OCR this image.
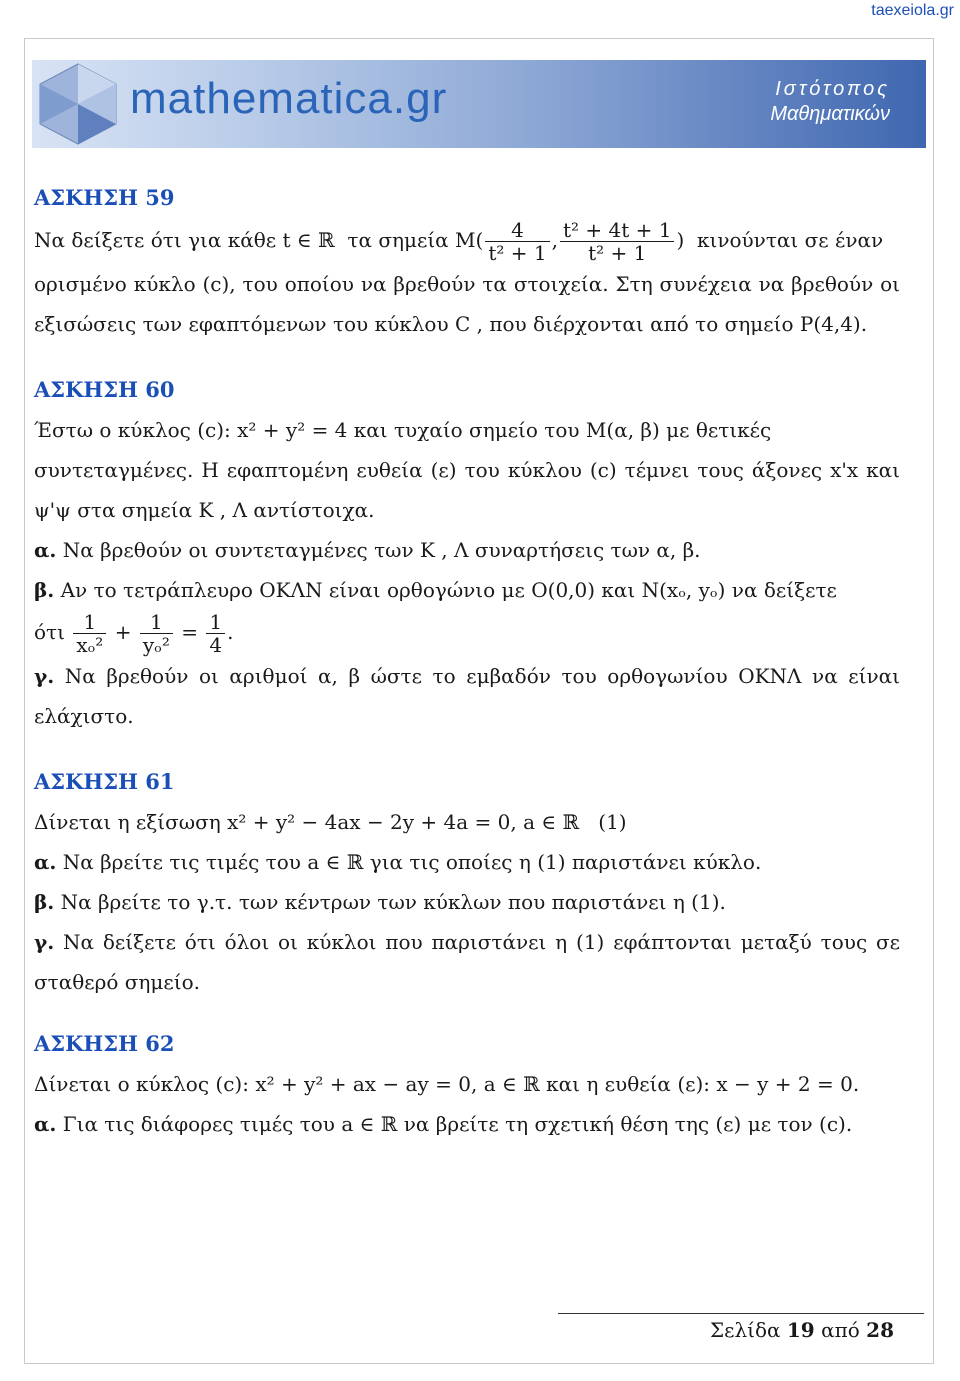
taexeiola.gr
mathematica.gr	Ιστότοπος
Μαθηματικών
ΑΣΚΗΣΗ 59

Να δείξετε ότι για κάθε t ∈ ℝ τα σημεία $M( \frac{4}{\text{t² + 1}}$ , $\frac{\text{t² + 4t + 1}}{\text{t² + 1}}$ ) κινούνται σε έναν

ορισμένο κύκλο (c), του οποίου να βρεθούν τα στοιχεία. Στη συνέχεια να βρεθούν οι εξισώσεις των εφαπτόμενων του κύκλου C , που διέρχονται από το σημείο P(4,4).

ΑΣΚΗΣΗ 60

Έστω ο κύκλος (c): x² + y² = 4 και τυχαίο σημείο του M(α, β) με θετικές

συντεταγμένες. Η εφαπτομένη ευθεία (ε) του κύκλου (c) τέμνει τους άξονες x'x και ψ'ψ στα σημεία K , Λ αντίστοιχα.

α. Να βρεθούν οι συντεταγμένες των K , Λ συναρτήσεις των α, β.

β. Αν το τετράπλευρο ΟΚΛΝ είναι ορθογώνιο με Ο(0,0) και N(xₒ, yₒ) να δείξετε

ότι $\frac{1}{\text{xₒ²}} + \frac{1}{\text{yₒ²}} = \frac{1}{4}$ .

γ. Να βρεθούν οι αριθμοί α, β ώστε το εμβαδόν του ορθογωνίου ΟΚΝΛ να είναι ελάχιστο.

ΑΣΚΗΣΗ 61

Δίνεται η εξίσωση x² + y² − 4ax − 2y + 4a = 0, a ∈ ℝ (1)

α. Να βρείτε τις τιμές του a ∈ ℝ για τις οποίες η (1) παριστάνει κύκλο.

β. Να βρείτε το γ.τ. των κέντρων των κύκλων που παριστάνει η (1).

γ. Να δείξετε ότι όλοι οι κύκλοι που παριστάνει η (1) εφάπτονται μεταξύ τους σε σταθερό σημείο.

ΑΣΚΗΣΗ 62

Δίνεται ο κύκλος (c): x² + y² + ax − ay = 0, a ∈ ℝ και η ευθεία (ε): x − y + 2 = 0.

α. Για τις διάφορες τιμές του a ∈ ℝ να βρείτε τη σχετική θέση της (ε) με τον (c).

Σελίδα 19 από 28
